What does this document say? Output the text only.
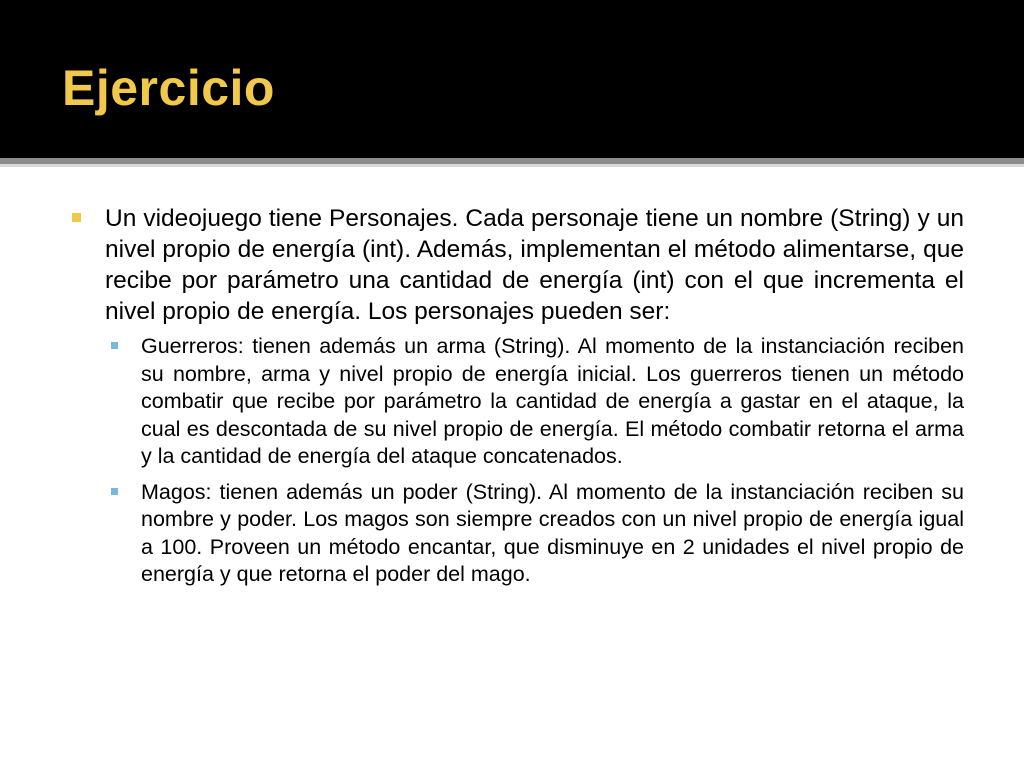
Ejercicio
Un videojuego tiene Personajes. Cada personaje tiene un nombre (String) y un nivel propio de energía (int). Además, implementan el método alimentarse, que recibe por parámetro una cantidad de energía (int) con el que incrementa el nivel propio de energía. Los personajes pueden ser:
Guerreros: tienen además un arma (String). Al momento de la instanciación reciben su nombre, arma y nivel propio de energía inicial. Los guerreros tienen un método combatir que recibe por parámetro la cantidad de energía a gastar en el ataque, la cual es descontada de su nivel propio de energía. El método combatir retorna el arma y la cantidad de energía del ataque concatenados.
Magos: tienen además un poder (String). Al momento de la instanciación reciben su nombre y poder. Los magos son siempre creados con un nivel propio de energía igual a 100. Proveen un método encantar, que disminuye en 2 unidades el nivel propio de energía y que retorna el poder del mago.
